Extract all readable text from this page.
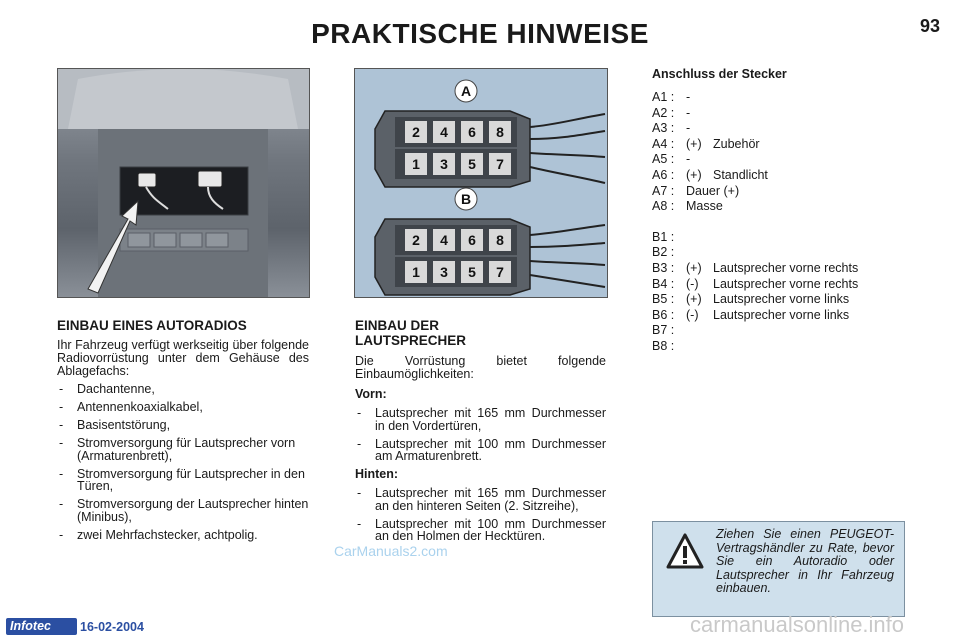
PRAKTISCHE HINWEISE	93
A
2 4 6 8
1 3 5 7
B
2 4 6 8
1 3 5 7
Anschluss der Stecker
A1 : -
A2 : -
A3 : -
A4 : (+) Zubehör
A5 : -
A6 : (+) Standlicht
A7 : Dauer (+)
A8 : Masse
B1 :
B2 :
B3 : (+) Lautsprecher vorne rechts
B4 : (-) Lautsprecher vorne rechts
B5 : (+) Lautsprecher vorne links
B6 : (-) Lautsprecher vorne links
B7 :
B8 :
EINBAU EINES AUTORADIOS
Ihr Fahrzeug verfügt werkseitig über folgende Radiovorrüstung unter dem Gehäuse des Ablagefachs:
- Dachantenne,
- Antennenkoaxialkabel,
- Basisentstörung,
- Stromversorgung für Lautsprecher vorn (Armaturenbrett),
- Stromversorgung für Lautsprecher in den Türen,
- Stromversorgung der Lautsprecher hinten (Minibus),
- zwei Mehrfachstecker, achtpolig.
EINBAU DER
LAUTSPRECHER
Die Vorrüstung bietet folgende Einbaumöglichkeiten:
Vorn:
- Lautsprecher mit 165 mm Durchmesser in den Vordertüren,
- Lautsprecher mit 100 mm Durchmesser am Armaturenbrett.
Hinten:
- Lautsprecher mit 165 mm Durchmesser an den hinteren Seiten (2. Sitzreihe),
- Lautsprecher mit 100 mm Durchmesser an den Holmen der Hecktüren.	Ziehen Sie einen PEUGEOT-Vertragshändler zu Rate, bevor Sie ein Autoradio oder Lautsprecher in Ihr Fahrzeug einbauen.
CarManuals2.com
carmanualsonline.info
Infotec 16-02-2004
